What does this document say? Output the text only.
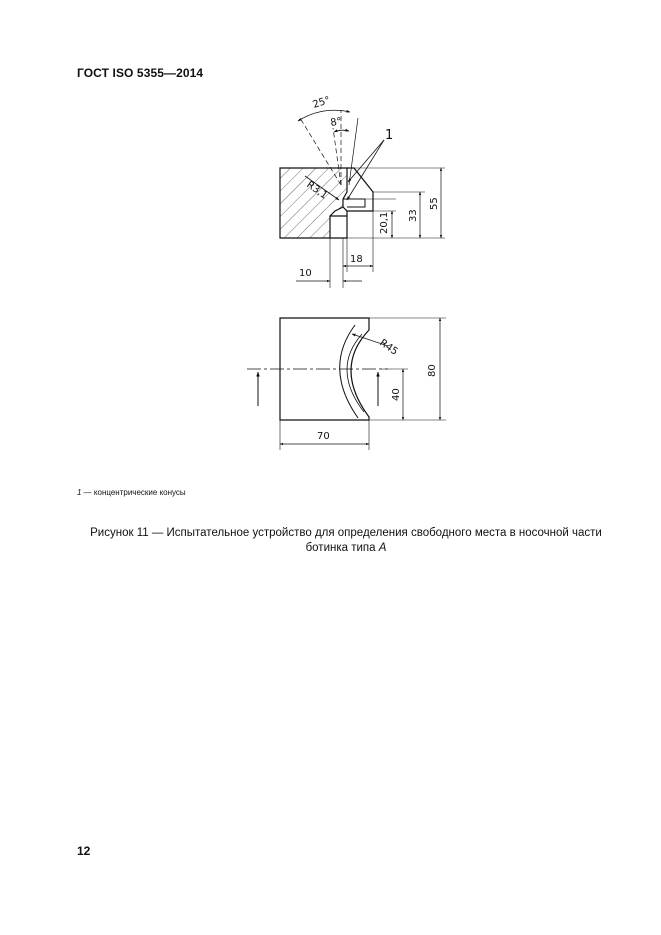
ГОСТ ISO 5355—2014
1
25°
8°
R3,1
55
33
20,1
18
10
R45
80
40
70
1 — концентрические конусы
Рисунок 11 — Испытательное устройство для определения свободного места в носочной части
ботинка типа А
12
